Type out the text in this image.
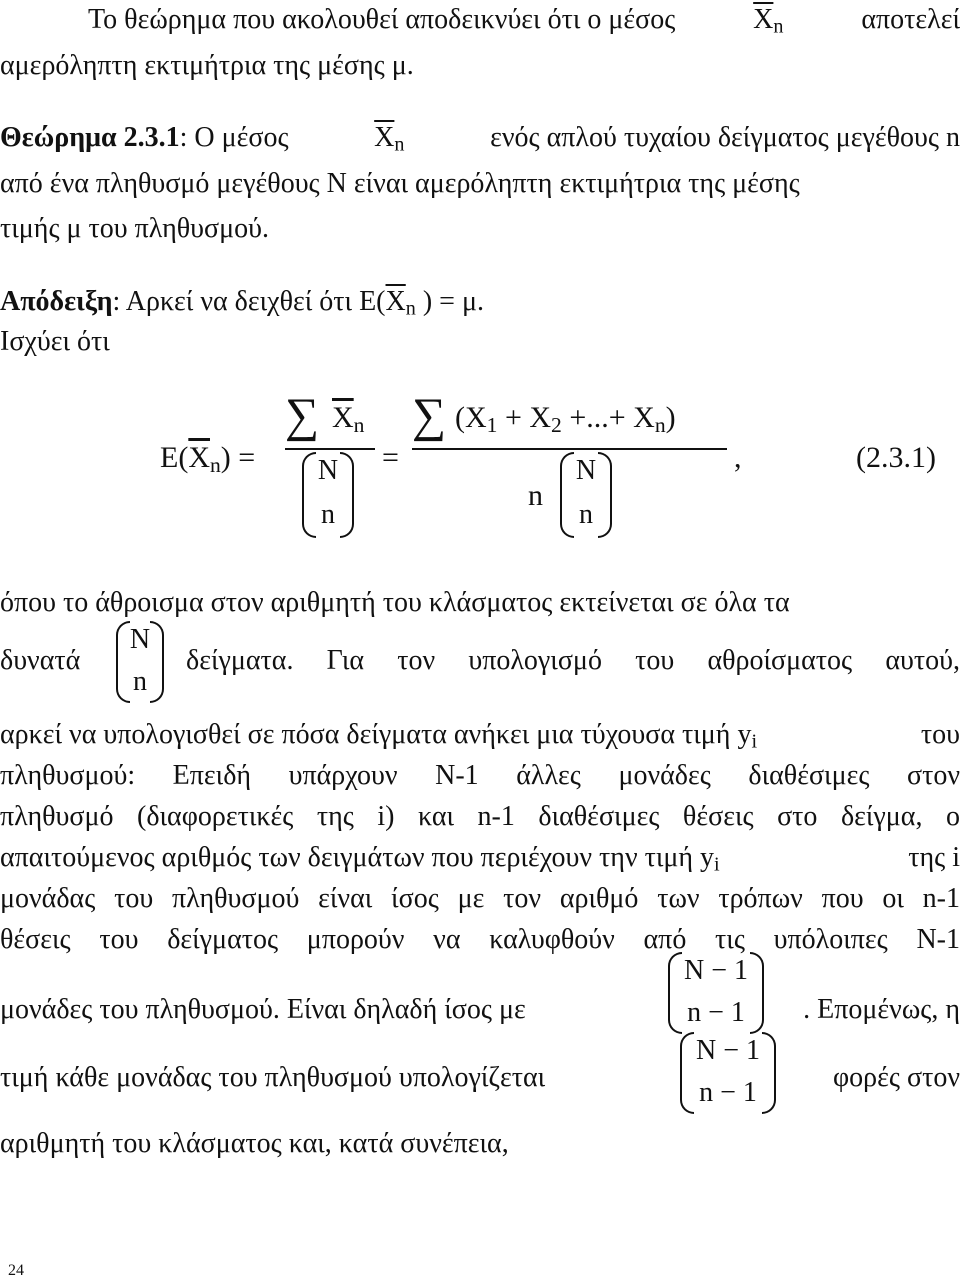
Το θεώρημα που ακολουθεί αποδεικνύει ότι ο μέσος	$\overline{X}_n$	αποτελεί
αμερόληπτη εκτιμήτρια της μέσης μ.
Θεώρημα 2.3.1: Ο μέσος	$\overline{X}_n$	ενός απλού τυχαίου δείγματος μεγέθους n
από ένα πληθυσμό μεγέθους N είναι αμερόληπτη εκτιμήτρια της μέσης
τιμής μ του πληθυσμού.
Απόδειξη: Αρκεί να δειχθεί ότι $E(\overline{X}_n$ ) = μ.
Ισχύει ότι
$E(\overline{X}_n)$ =
∑ $\overline{X}_n$
N
n
=
∑ ($X_1 + X_2$ +...+ $X_n$)
n
N
n
,	(2.3.1)
όπου το άθροισμα στον αριθμητή του κλάσματος εκτείνεται σε όλα τα
δυνατά
N
n
δείγματα. Για τον υπολογισμό του αθροίσματος αυτού,
αρκεί να υπολογισθεί σε πόσα δείγματα ανήκει μια τύχουσα τιμή $y_i$	του
πληθυσμού: Επειδή υπάρχουν N-1 άλλες μονάδες διαθέσιμες στον
πληθυσμό (διαφορετικές της i) και n-1 διαθέσιμες θέσεις στο δείγμα, ο
απαιτούμενος αριθμός των δειγμάτων που περιέχουν την τιμή $y_i$	της i
μονάδας του πληθυσμού είναι ίσος με τον αριθμό των τρόπων που οι n-1
θέσεις του δείγματος μπορούν να καλυφθούν από τις υπόλοιπες N-1
μονάδες του πληθυσμού. Είναι δηλαδή ίσος με
N − 1
n − 1	. Επομένως, η
τιμή κάθε μονάδας του πληθυσμού υπολογίζεται
N − 1
n − 1	φορές στον
αριθμητή του κλάσματος και, κατά συνέπεια,
24
